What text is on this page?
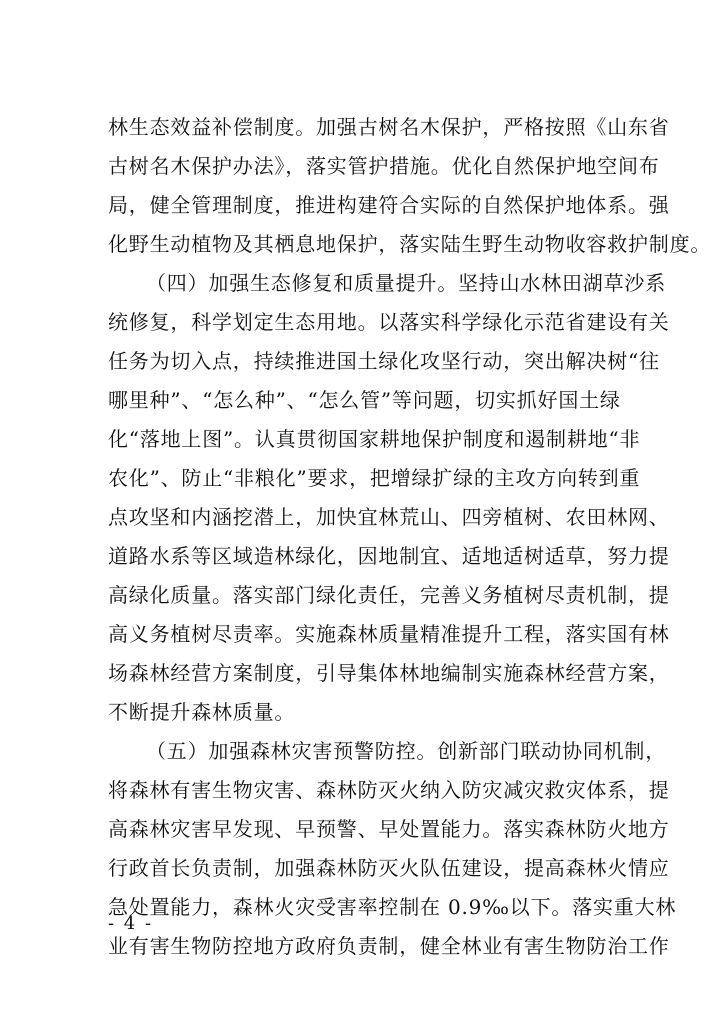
林生态效益补偿制度。加强古树名木保护，严格按照《山东省
古树名木保护办法》，落实管护措施。优化自然保护地空间布
局，健全管理制度，推进构建符合实际的自然保护地体系。强
化野生动植物及其栖息地保护，落实陆生野生动物收容救护制度。
（四）加强生态修复和质量提升。坚持山水林田湖草沙系
统修复，科学划定生态用地。以落实科学绿化示范省建设有关
任务为切入点，持续推进国土绿化攻坚行动，突出解决树“往
哪里种”、“怎么种”、“怎么管”等问题，切实抓好国土绿
化“落地上图”。认真贯彻国家耕地保护制度和遏制耕地“非
农化”、防止“非粮化”要求，把增绿扩绿的主攻方向转到重
点攻坚和内涵挖潜上，加快宜林荒山、四旁植树、农田林网、
道路水系等区域造林绿化，因地制宜、适地适树适草，努力提
高绿化质量。落实部门绿化责任，完善义务植树尽责机制，提
高义务植树尽责率。实施森林质量精准提升工程，落实国有林
场森林经营方案制度，引导集体林地编制实施森林经营方案，
不断提升森林质量。
（五）加强森林灾害预警防控。创新部门联动协同机制，
将森林有害生物灾害、森林防灭火纳入防灾减灾救灾体系，提
高森林灾害早发现、早预警、早处置能力。落实森林防火地方
行政首长负责制，加强森林防灭火队伍建设，提高森林火情应
急处置能力，森林火灾受害率控制在 0.9‰以下。落实重大林
业有害生物防控地方政府负责制，健全林业有害生物防治工作
- 4 -
